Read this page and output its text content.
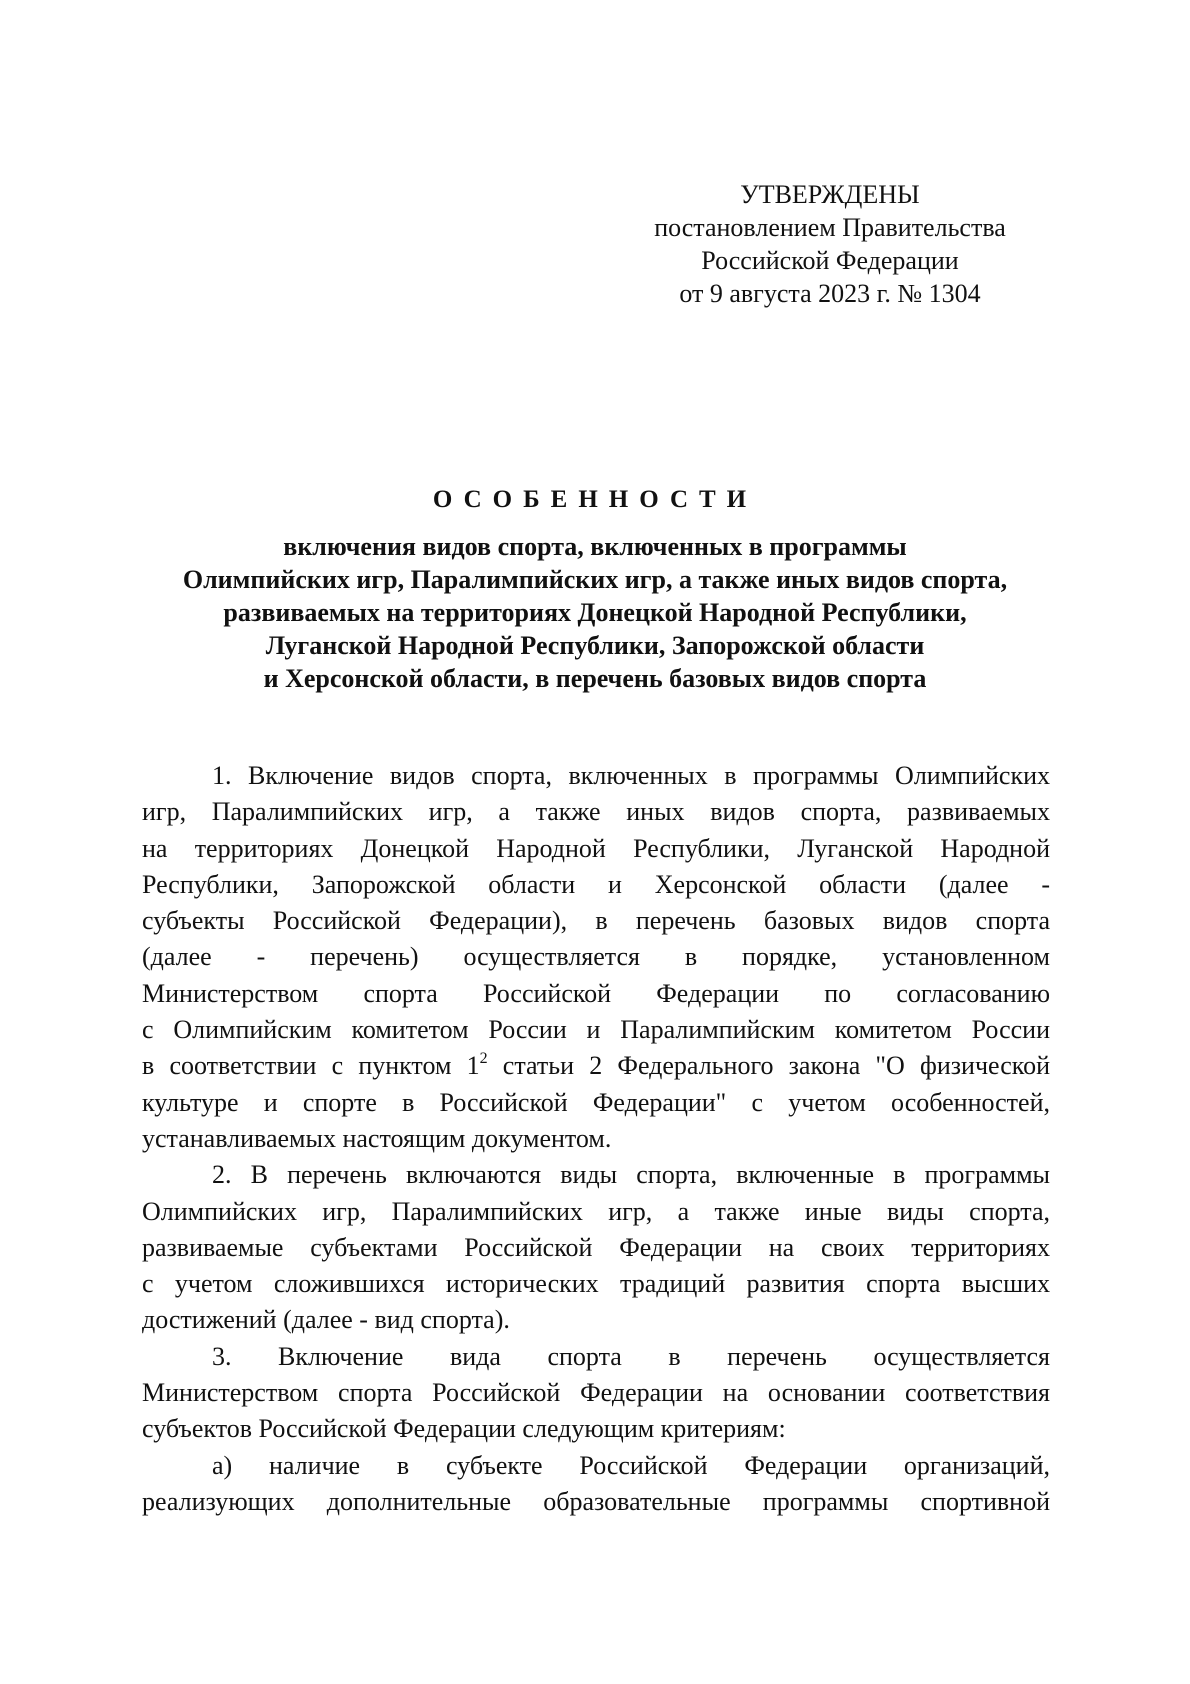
УТВЕРЖДЕНЫ
постановлением Правительства
Российской Федерации
от 9 августа 2023 г. № 1304
ОСОБЕННОСТИ
включения видов спорта, включенных в программы
Олимпийских игр, Паралимпийских игр, а также иных видов спорта,
развиваемых на территориях Донецкой Народной Республики,
Луганской Народной Республики, Запорожской области
и Херсонской области, в перечень базовых видов спорта

1. Включение видов спорта, включенных в программы Олимпийских
игр, Паралимпийских игр, а также иных видов спорта, развиваемых
на территориях Донецкой Народной Республики, Луганской Народной
Республики, Запорожской области и Херсонской области (далее -
субъекты Российской Федерации), в перечень базовых видов спорта
(далее - перечень) осуществляется в порядке, установленном
Министерством спорта Российской Федерации по согласованию
с Олимпийским комитетом России и Паралимпийским комитетом России
в соответствии с пунктом $1^2$ статьи 2 Федерального закона "О физической
культуре и спорте в Российской Федерации" с учетом особенностей,
устанавливаемых настоящим документом.

2. В перечень включаются виды спорта, включенные в программы
Олимпийских игр, Паралимпийских игр, а также иные виды спорта,
развиваемые субъектами Российской Федерации на своих территориях
с учетом сложившихся исторических традиций развития спорта высших
достижений (далее - вид спорта).

3. Включение вида спорта в перечень осуществляется
Министерством спорта Российской Федерации на основании соответствия
субъектов Российской Федерации следующим критериям:

а) наличие в субъекте Российской Федерации организаций,
реализующих дополнительные образовательные программы спортивной
